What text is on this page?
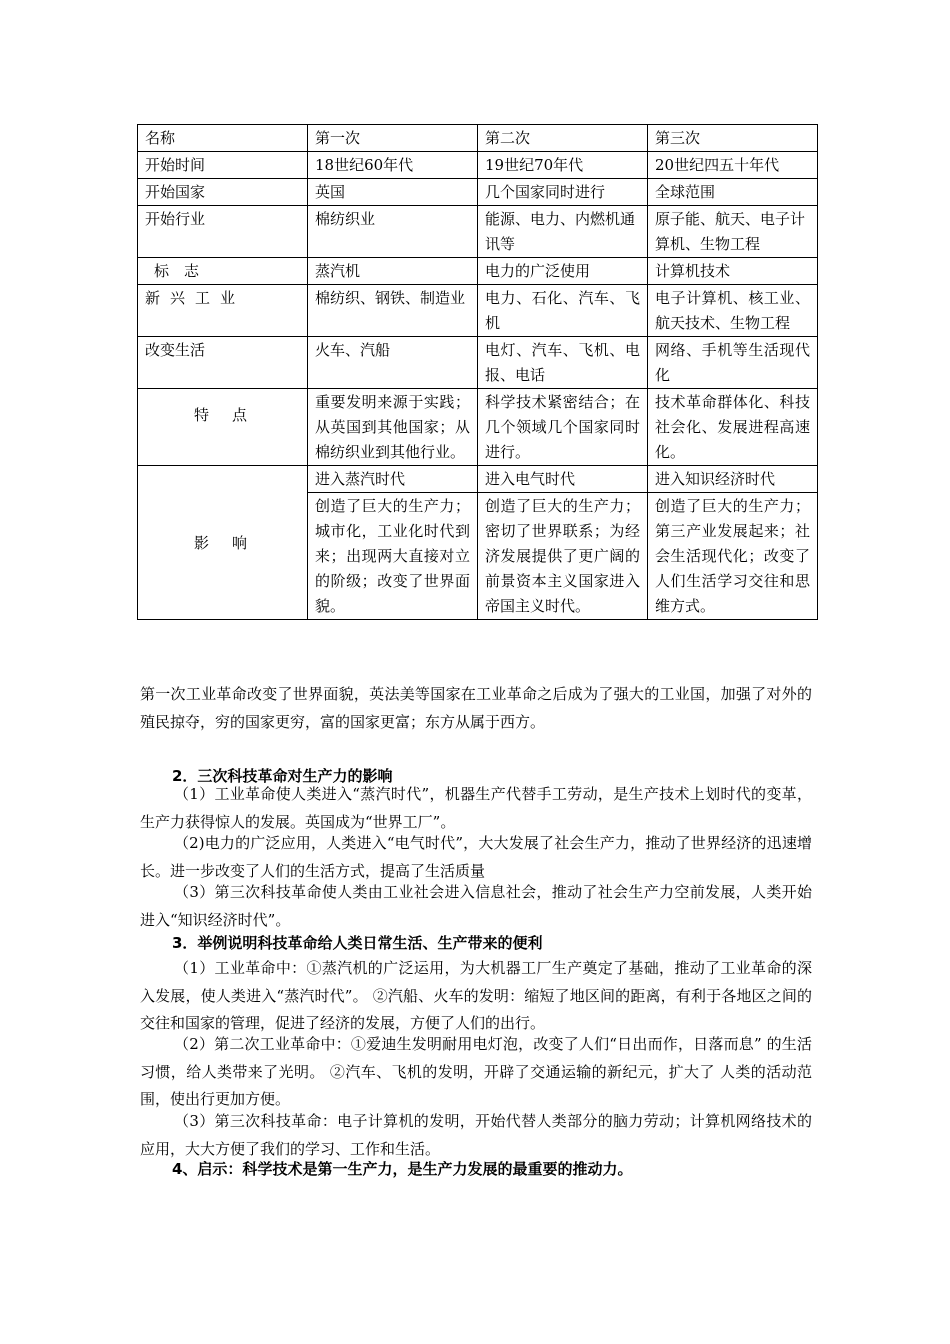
名称	第一次	第二次	第三次
开始时间	18世纪60年代	19世纪70年代	20世纪四五十年代
开始国家	英国	几个国家同时进行	全球范围
开始行业	棉纺织业	能源、电力、内燃机通讯等	原子能、航天、电子计算机、生物工程
标　志	蒸汽机	电力的广泛使用	计算机技术
新兴工业	棉纺织、钢铁、制造业	电力、石化、汽车、飞机	电子计算机、核工业、航天技术、生物工程
改变生活	火车、汽船	电灯、汽车、飞机、电报、电话	网络、手机等生活现代化
特　点	重要发明来源于实践；从英国到其他国家；从棉纺织业到其他行业。	科学技术紧密结合；在几个领域几个国家同时进行。	技术革命群体化、科技社会化、发展进程高速化。
影　响	进入蒸汽时代	进入电气时代	进入知识经济时代
	创造了巨大的生产力；城市化，工业化时代到来；出现两大直接对立的阶级；改变了世界面貌。	创造了巨大的生产力；密切了世界联系；为经济发展提供了更广阔的前景资本主义国家进入帝国主义时代。	创造了巨大的生产力；第三产业发展起来；社会生活现代化；改变了人们生活学习交往和思维方式。
第一次工业革命改变了世界面貌，英法美等国家在工业革命之后成为了强大的工业国，加强了对外的殖民掠夺，穷的国家更穷，富的国家更富；东方从属于西方。
2．三次科技革命对生产力的影响
（1）工业革命使人类进入“蒸汽时代”，机器生产代替手工劳动，是生产技术上划时代的变革，生产力获得惊人的发展。英国成为“世界工厂”。
（2)电力的广泛应用，人类进入“电气时代”，大大发展了社会生产力，推动了世界经济的迅速增长。进一步改变了人们的生活方式，提高了生活质量
（3）第三次科技革命使人类由工业社会进入信息社会，推动了社会生产力空前发展，人类开始进入“知识经济时代”。
3．举例说明科技革命给人类日常生活、生产带来的便利
（1）工业革命中：①蒸汽机的广泛运用，为大机器工厂生产奠定了基础，推动了工业革命的深入发展，使人类进入“蒸汽时代”。 ②汽船、火车的发明：缩短了地区间的距离，有利于各地区之间的交往和国家的管理，促进了经济的发展，方便了人们的出行。
（2）第二次工业革命中：①爱迪生发明耐用电灯泡，改变了人们“日出而作，日落而息” 的生活习惯，给人类带来了光明。 ②汽车、飞机的发明，开辟了交通运输的新纪元，扩大了 人类的活动范围，使出行更加方便。
（3）第三次科技革命：电子计算机的发明，开始代替人类部分的脑力劳动；计算机网络技术的应用，大大方便了我们的学习、工作和生活。
4、启示：科学技术是第一生产力，是生产力发展的最重要的推动力。
